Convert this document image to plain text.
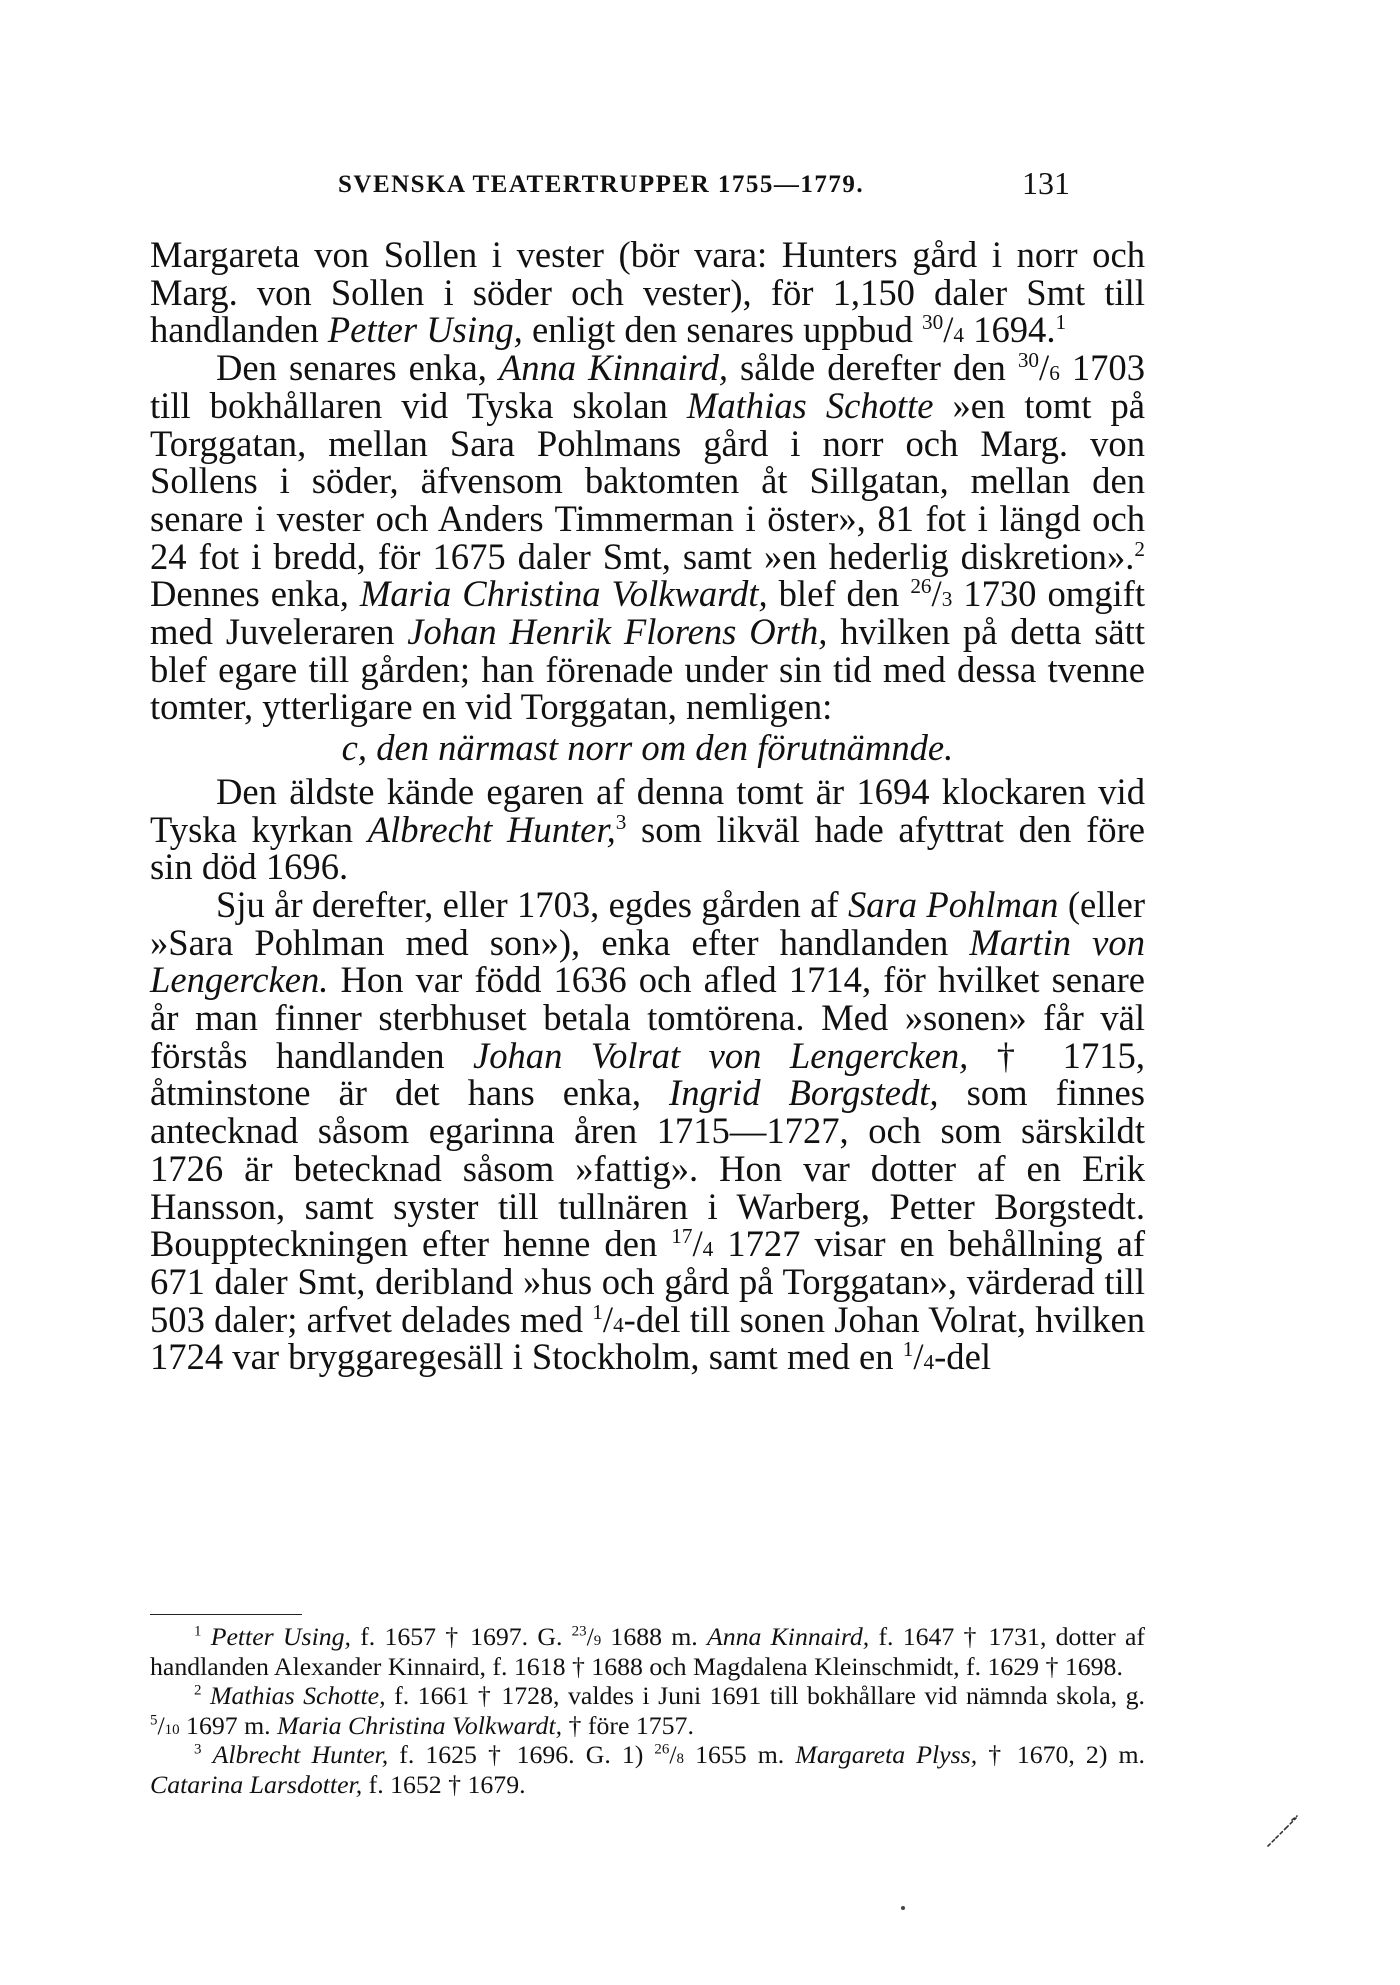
SVENSKA TEATERTRUPPER 1755—1779.	131

Margareta von Sollen i vester (bör vara: Hunters gård i norr och Marg. von Sollen i söder och vester), för 1,150 daler Smt till handlanden Petter Using, enligt den senares uppbud $^{30}$/4 1694.$^1$

Den senares enka, Anna Kinnaird, sålde derefter den $^{30}$/6 1703 till bokhållaren vid Tyska skolan Mathias Schotte »en tomt på Torggatan, mellan Sara Pohlmans gård i norr och Marg. von Sollens i söder, äfvensom baktomten åt Sillgatan, mellan den senare i vester och Anders Timmerman i öster», 81 fot i längd och 24 fot i bredd, för 1675 daler Smt, samt »en hederlig diskretion».$^2$ Dennes enka, Maria Christina Volkwardt, blef den $^{26}$/3 1730 omgift med Juveleraren Johan Henrik Florens Orth, hvilken på detta sätt blef egare till gården; han förenade under sin tid med dessa tvenne tomter, ytterligare en vid Torggatan, nemligen:

c, den närmast norr om den förutnämnde.

Den äldste kände egaren af denna tomt är 1694 klockaren vid Tyska kyrkan Albrecht Hunter,$^3$ som likväl hade afyttrat den före sin död 1696.

Sju år derefter, eller 1703, egdes gården af Sara Pohlman (eller »Sara Pohlman med son»), enka efter handlanden Martin von Lengercken. Hon var född 1636 och afled 1714, för hvilket senare år man finner sterbhuset betala tomtörena. Med »sonen» får väl förstås handlanden Johan Volrat von Lengercken, † 1715, åtminstone är det hans enka, Ingrid Borgstedt, som finnes antecknad såsom egarinna åren 1715—1727, och som särskildt 1726 är betecknad såsom »fattig». Hon var dotter af en Erik Hansson, samt syster till tullnären i Warberg, Petter Borgstedt. Bouppteckningen efter henne den $^{17}$/4 1727 visar en behållning af 671 daler Smt, deribland »hus och gård på Torggatan», värderad till 503 daler; arfvet delades med $^1$/4-del till sonen Johan Volrat, hvilken 1724 var bryggaregesäll i Stockholm, samt med en $^1$/4-del

$^1$ Petter Using, f. 1657 † 1697. G. $^{23}$/9 1688 m. Anna Kinnaird, f. 1647 † 1731, dotter af handlanden Alexander Kinnaird, f. 1618 † 1688 och Magdalena Kleinschmidt, f. 1629 † 1698.

$^2$ Mathias Schotte, f. 1661 † 1728, valdes i Juni 1691 till bokhållare vid nämnda skola, g. $^5$/10 1697 m. Maria Christina Volkwardt, † före 1757.

$^3$ Albrecht Hunter, f. 1625 † 1696. G. 1) $^{26}$/8 1655 m. Margareta Plyss, † 1670, 2) m. Catarina Larsdotter, f. 1652 † 1679.
